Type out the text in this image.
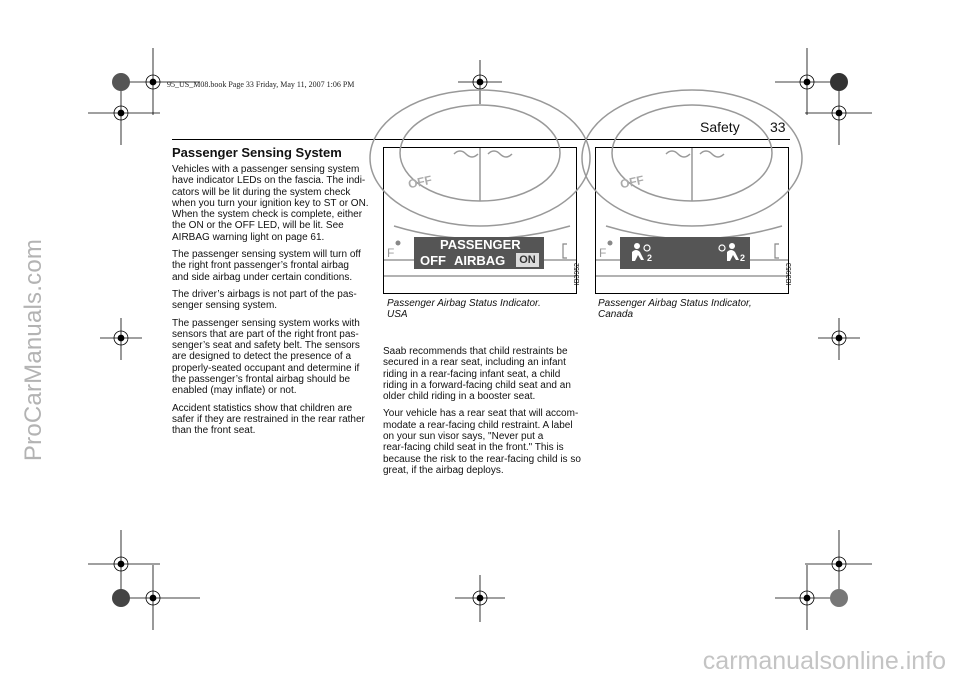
95_US_M08.book Page 33 Friday, May 11, 2007 1:06 PM
ProCarManuals.com
carmanualsonline.info
Safety 33
Passenger Sensing System

Vehicles with a passenger sensing system
have indicator LEDs on the fascia. The indi-
cators will be lit during the system check
when you turn your ignition key to ST or ON.
When the system check is complete, either
the ON or the OFF LED, will be lit. See
AIRBAG warning light on page 61.

The passenger sensing system will turn off
the right front passenger’s frontal airbag
and side airbag under certain conditions.

The driver’s airbags is not part of the pas-
senger sensing system.

The passenger sensing system works with
sensors that are part of the right front pas-
senger’s seat and safety belt. The sensors
are designed to detect the presence of a
properly-seated occupant and determine if
the passenger’s frontal airbag should be
enabled (may inflate) or not.

Accident statistics show that children are
safer if they are restrained in the rear rather
than the front seat.

OFF
F
PASSENGER
OFF AIRBAG ON
IB3952
Passenger Airbag Status Indicator.
USA
OFF
F	2	2
IB3953
Passenger Airbag Status Indicator,
Canada

Saab recommends that child restraints be
secured in a rear seat, including an infant
riding in a rear-facing infant seat, a child
riding in a forward-facing child seat and an
older child riding in a booster seat.

Your vehicle has a rear seat that will accom-
modate a rear-facing child restraint. A label
on your sun visor says, "Never put a
rear-facing child seat in the front." This is
because the risk to the rear-facing child is so
great, if the airbag deploys.
